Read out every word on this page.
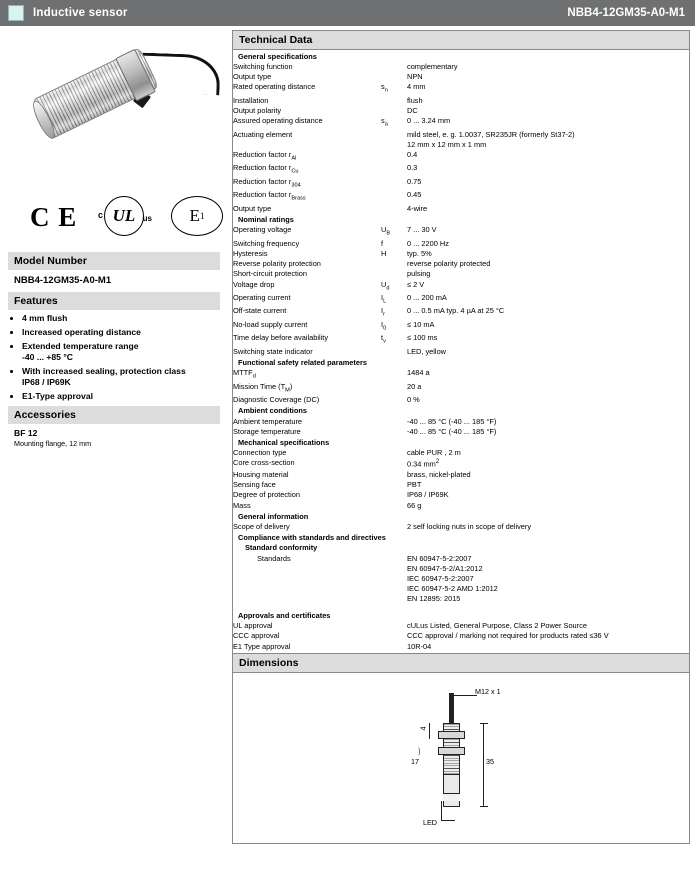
Inductive sensor	NBB4-12GM35-A0-M1
C E c UL us E 1
Model Number
NBB4-12GM35-A0-M1
Features
• 4 mm flush
• Increased operating distance
• Extended temperature range
-40 ... +85 °C
• With increased sealing, protection class
IP68 / IP69K
• E1-Type approval
Accessories
BF 12
Mounting flange, 12 mm
Technical Data
General specifications		
Switching function		complementary
Output type		NPN
Rated operating distance	$s_n$	4 mm
Installation		flush
Output polarity		DC
Assured operating distance	$s_a$	0 ... 3.24 mm
Actuating element		mild steel, e. g. 1.0037, SR235JR (formerly St37-2)
		12 mm x 12 mm x 1 mm
Reduction factor $r_{Al}$		0.4
Reduction factor $r_{Cu}$		0.3
Reduction factor $r_{304}$		0.75
Reduction factor $r_{Brass}$		0.45
Output type		4-wire
Nominal ratings		
Operating voltage	$U_B$	7 ... 30 V
Switching frequency	f	0 ... 2200 Hz
Hysteresis	H	typ. 5%
Reverse polarity protection		reverse polarity protected
Short-circuit protection		pulsing
Voltage drop	$U_d$	≤ 2 V
Operating current	$I_L$	0 ... 200 mA
Off-state current	$I_r$	0 ... 0.5 mA typ. 4 µA at 25 °C
No-load supply current	$I_0$	≤ 10 mA
Time delay before availability	$t_v$	≤ 100 ms
Switching state indicator		LED, yellow
Functional safety related parameters		
$MTTF_d$		1484 a
Mission Time $(T_M)$		20 a
Diagnostic Coverage (DC)		0 %
Ambient conditions		
Ambient temperature		-40 ... 85 °C (-40 ... 185 °F)
Storage temperature		-40 ... 85 °C (-40 ... 185 °F)
Mechanical specifications		
Connection type		cable PUR , 2 m
Core cross-section		0.34 $mm^2$
Housing material		brass, nickel-plated
Sensing face		PBT
Degree of protection		IP68 / IP69K
Mass		66 g
General information		
Scope of delivery		2 self locking nuts in scope of delivery
Compliance with standards and directives		
Standard conformity		
Standards		EN 60947-5-2:2007
		EN 60947-5-2/A1:2012
		IEC 60947-5-2:2007
		IEC 60947-5-2 AMD 1:2012
		EN 12895: 2015
Approvals and certificates		
UL approval		cULus Listed, General Purpose, Class 2 Power Source
CCC approval		CCC approval / marking not required for products rated ≤36 V
E1 Type approval		10R-04
Dimensions
M12 x 1
35
4
⌒
17
LED
